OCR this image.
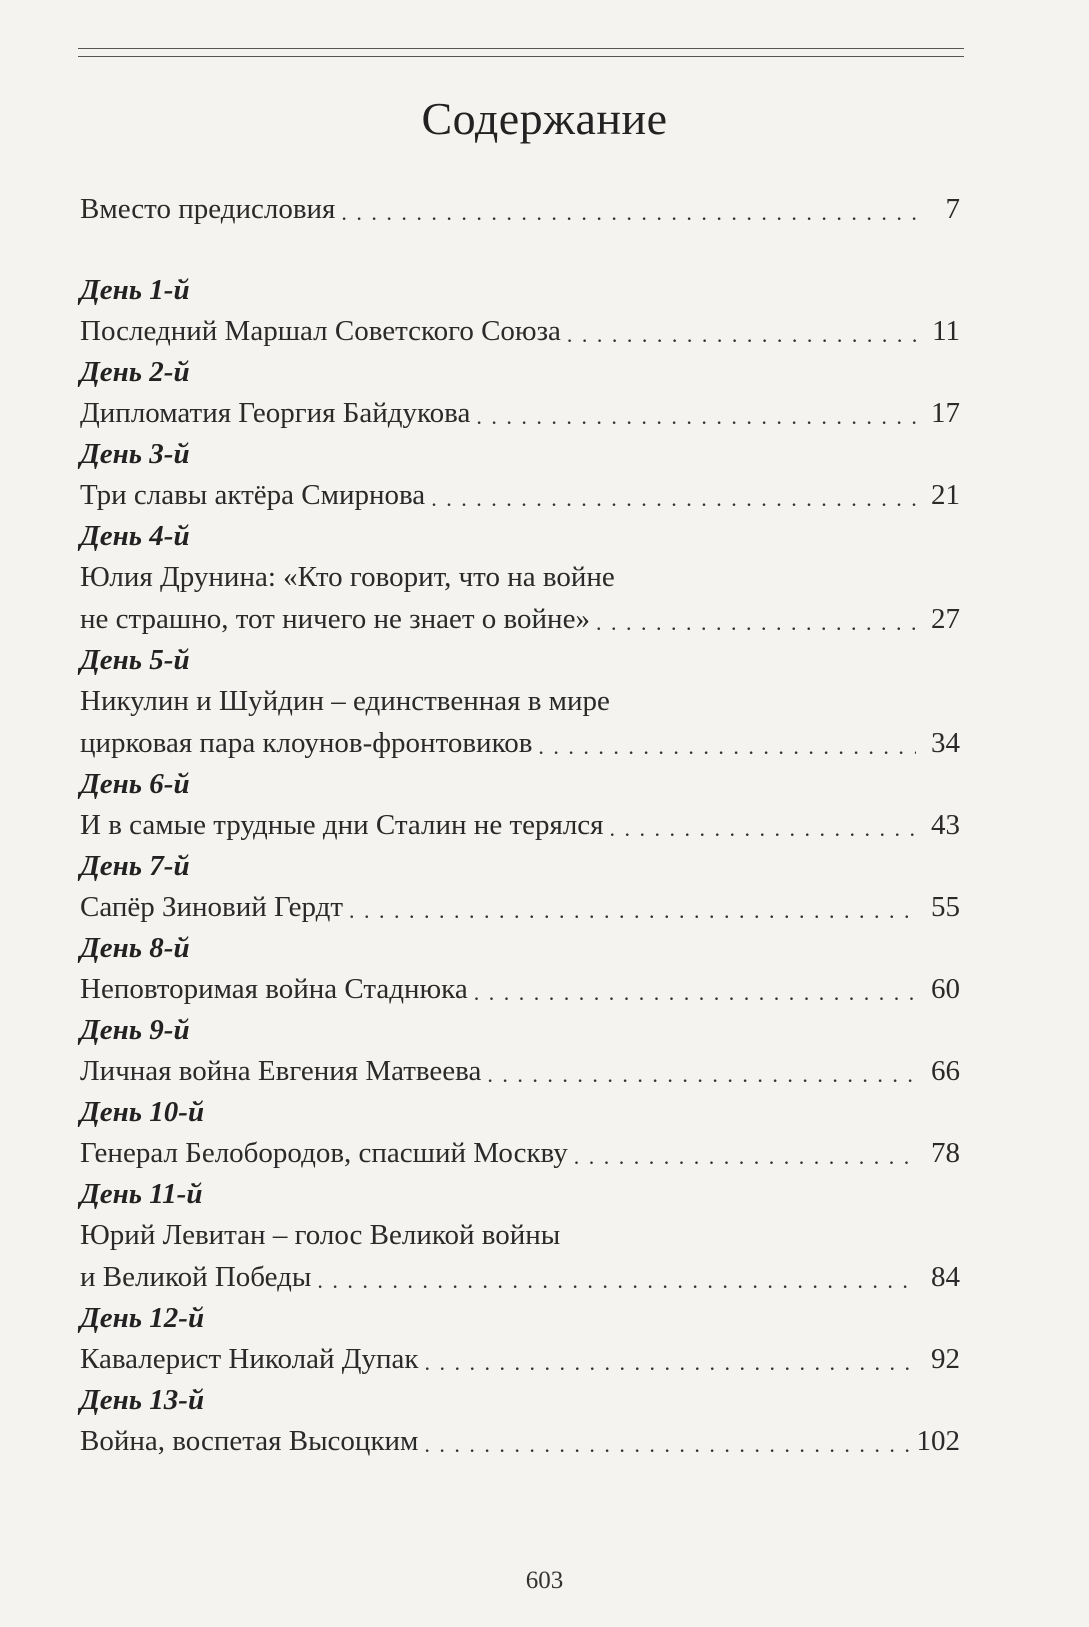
Содержание
Вместо предисловия . . .	7
День 1-й
Последний Маршал Советского Союза . . .	11
День 2-й
Дипломатия Георгия Байдукова . . .	17
День 3-й
Три славы актёра Смирнова . . .	21
День 4-й
Юлия Друнина: «Кто говорит, что на войне
не страшно, тот ничего не знает о войне» . . .	27
День 5-й
Никулин и Шуйдин – единственная в мире
цирковая пара клоунов-фронтовиков . . .	34
День 6-й
И в самые трудные дни Сталин не терялся . . .	43
День 7-й
Сапёр Зиновий Гердт . . .	55
День 8-й
Неповторимая война Стаднюка . . .	60
День 9-й
Личная война Евгения Матвеева . . .	66
День 10-й
Генерал Белобородов, спасший Москву . . .	78
День 11-й
Юрий Левитан – голос Великой войны
и Великой Победы . . .	84
День 12-й
Кавалерист Николай Дупак . . .	92
День 13-й
Война, воспетая Высоцким . . .	102
603
